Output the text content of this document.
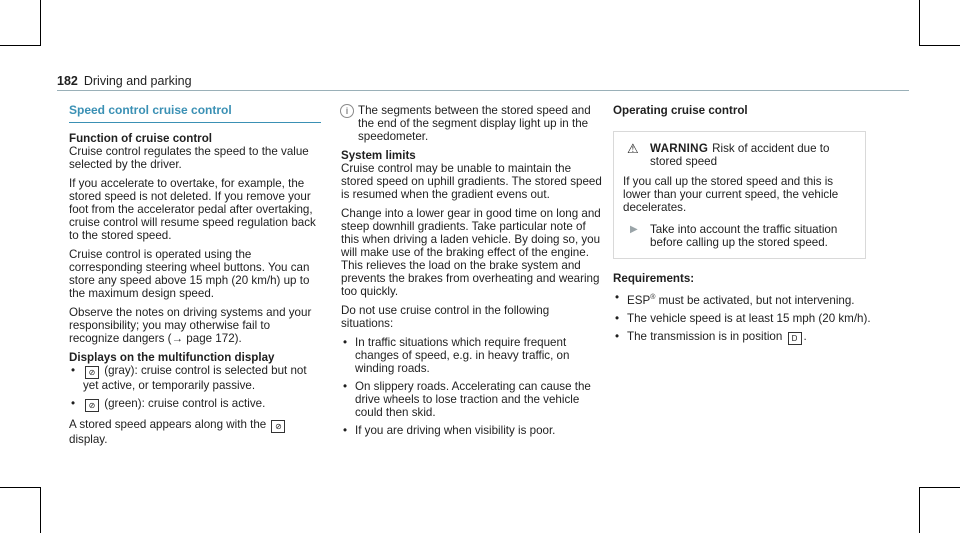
182 Driving and parking
Speed control cruise control
Function of cruise control

Cruise control regulates the speed to the value selected by the driver.

If you accelerate to overtake, for example, the stored speed is not deleted. If you remove your foot from the accelerator pedal after overtaking, cruise control will resume speed regulation back to the stored speed.

Cruise control is operated using the corresponding steering wheel buttons. You can store any speed above 15 mph (20 km/h) up to the maximum design speed.

Observe the notes on driving systems and your responsibility; you may otherwise fail to recognize dangers (→ page 172).

Displays on the multifunction display
• ⊘ (gray): cruise control is selected but not yet active, or temporarily passive.
• ⊘ (green): cruise control is active.

A stored speed appears along with the ⊘ display.

i The segments between the stored speed and the end of the segment display light up in the speedometer.
System limits

Cruise control may be unable to maintain the stored speed on uphill gradients. The stored speed is resumed when the gradient evens out.

Change into a lower gear in good time on long and steep downhill gradients. Take particular note of this when driving a laden vehicle. By doing so, you will make use of the braking effect of the engine. This relieves the load on the brake system and prevents the brakes from overheating and wearing too quickly.

Do not use cruise control in the following situations:

• In traffic situations which require frequent changes of speed, e.g. in heavy traffic, on winding roads.
• On slippery roads. Accelerating can cause the drive wheels to lose traction and the vehicle could then skid.
• If you are driving when visibility is poor.
Operating cruise control
⚠ WARNING Risk of accident due to stored speed
If you call up the stored speed and this is lower than your current speed, the vehicle decelerates.
▶ Take into account the traffic situation before calling up the stored speed.
Requirements:
• ESP® must be activated, but not intervening.
• The vehicle speed is at least 15 mph (20 km/h).
• The transmission is in position D .
